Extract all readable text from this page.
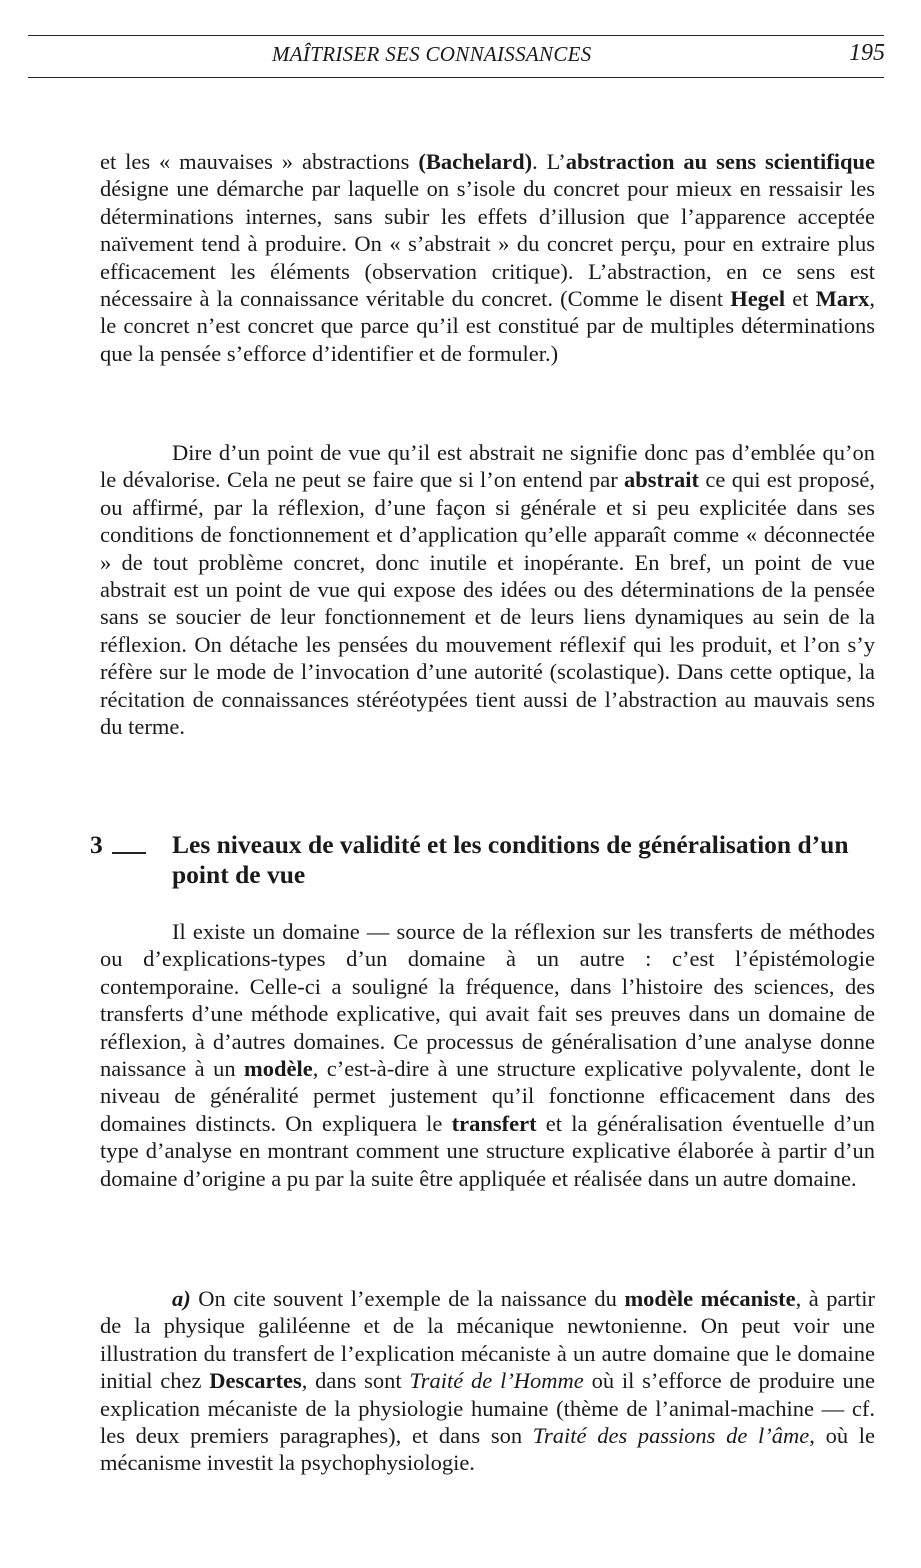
MAÎTRISER SES CONNAISSANCES	195

et les « mauvaises » abstractions (Bachelard). L’abstraction au sens scientifique désigne une démarche par laquelle on s’isole du concret pour mieux en ressaisir les déterminations internes, sans subir les effets d’illusion que l’apparence acceptée naïvement tend à produire. On « s’abstrait » du concret perçu, pour en extraire plus efficacement les éléments (observation critique). L’abstraction, en ce sens est nécessaire à la connaissance véritable du concret. (Comme le disent Hegel et Marx, le concret n’est concret que parce qu’il est constitué par de multiples déterminations que la pensée s’efforce d’identifier et de formuler.)

Dire d’un point de vue qu’il est abstrait ne signifie donc pas d’emblée qu’on le dévalorise. Cela ne peut se faire que si l’on entend par abstrait ce qui est proposé, ou affirmé, par la réflexion, d’une façon si générale et si peu explicitée dans ses conditions de fonctionnement et d’application qu’elle apparaît comme « déconnectée » de tout problème concret, donc inutile et inopérante. En bref, un point de vue abstrait est un point de vue qui expose des idées ou des déterminations de la pensée sans se soucier de leur fonctionnement et de leurs liens dynamiques au sein de la réflexion. On détache les pensées du mouvement réflexif qui les produit, et l’on s’y réfère sur le mode de l’invocation d’une autorité (scolastique). Dans cette optique, la récitation de connaissances stéréotypées tient aussi de l’abstraction au mauvais sens du terme.

3	Les niveaux de validité et les conditions de généralisation d’un point de vue

Il existe un domaine — source de la réflexion sur les transferts de méthodes ou d’explications-types d’un domaine à un autre : c’est l’épistémologie contemporaine. Celle-ci a souligné la fréquence, dans l’histoire des sciences, des transferts d’une méthode explicative, qui avait fait ses preuves dans un domaine de réflexion, à d’autres domaines. Ce processus de généralisation d’une analyse donne naissance à un modèle, c’est-à-dire à une structure explicative polyvalente, dont le niveau de généralité permet justement qu’il fonctionne efficacement dans des domaines distincts. On expliquera le transfert et la généralisation éventuelle d’un type d’analyse en montrant comment une structure explicative élaborée à partir d’un domaine d’origine a pu par la suite être appliquée et réalisée dans un autre domaine.

a) On cite souvent l’exemple de la naissance du modèle mécaniste, à partir de la physique galiléenne et de la mécanique newtonienne. On peut voir une illustration du transfert de l’explication mécaniste à un autre domaine que le domaine initial chez Descartes, dans sont Traité de l’Homme où il s’efforce de produire une explication mécaniste de la physiologie humaine (thème de l’animal-machine — cf. les deux premiers paragraphes), et dans son Traité des passions de l’âme, où le mécanisme investit la psychophysiologie.
